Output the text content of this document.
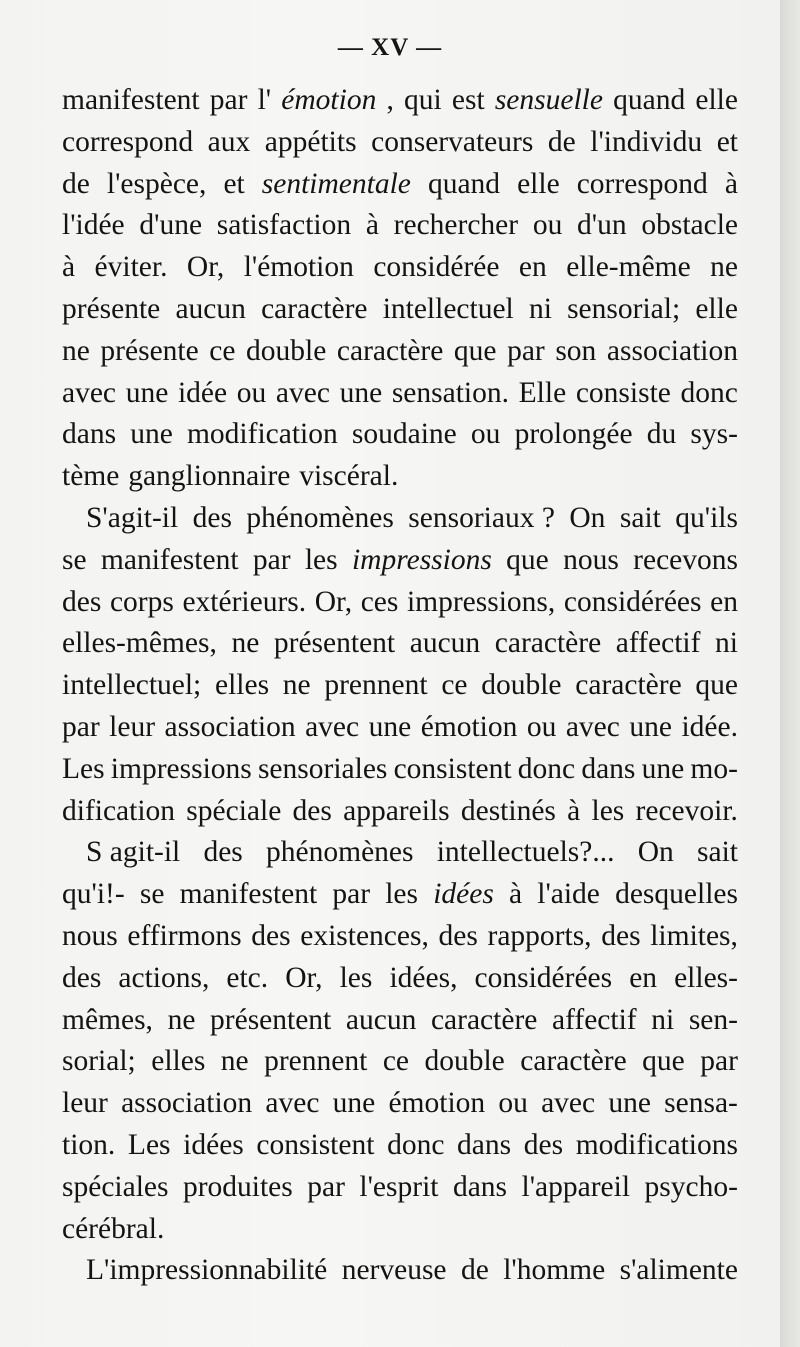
— XV —
manifestent par l' émotion , qui est sensuelle quand elle
correspond aux appétits conservateurs de l'individu et
de l'espèce, et sentimentale quand elle correspond à
l'idée d'une satisfaction à rechercher ou d'un obstacle
à éviter. Or, l'émotion considérée en elle-même ne
présente aucun caractère intellectuel ni sensorial; elle
ne présente ce double caractère que par son association
avec une idée ou avec une sensation. Elle consiste donc
dans une modification soudaine ou prolongée du sys-
tème ganglionnaire viscéral.
S'agit-il des phénomènes sensoriaux ? On sait qu'ils
se manifestent par les impressions que nous recevons
des corps extérieurs. Or, ces impressions, considérées en
elles-mêmes, ne présentent aucun caractère affectif ni
intellectuel; elles ne prennent ce double caractère que
par leur association avec une émotion ou avec une idée.
Les impressions sensoriales consistent donc dans une mo-
dification spéciale des appareils destinés à les recevoir.
S agit-il des phénomènes intellectuels?... On sait
qu'i!- se manifestent par les idées à l'aide desquelles
nous effirmons des existences, des rapports, des limites,
des actions, etc. Or, les idées, considérées en elles-
mêmes, ne présentent aucun caractère affectif ni sen-
sorial; elles ne prennent ce double caractère que par
leur association avec une émotion ou avec une sensa-
tion. Les idées consistent donc dans des modifications
spéciales produites par l'esprit dans l'appareil psycho-
cérébral.
L'impressionnabilité nerveuse de l'homme s'alimente
